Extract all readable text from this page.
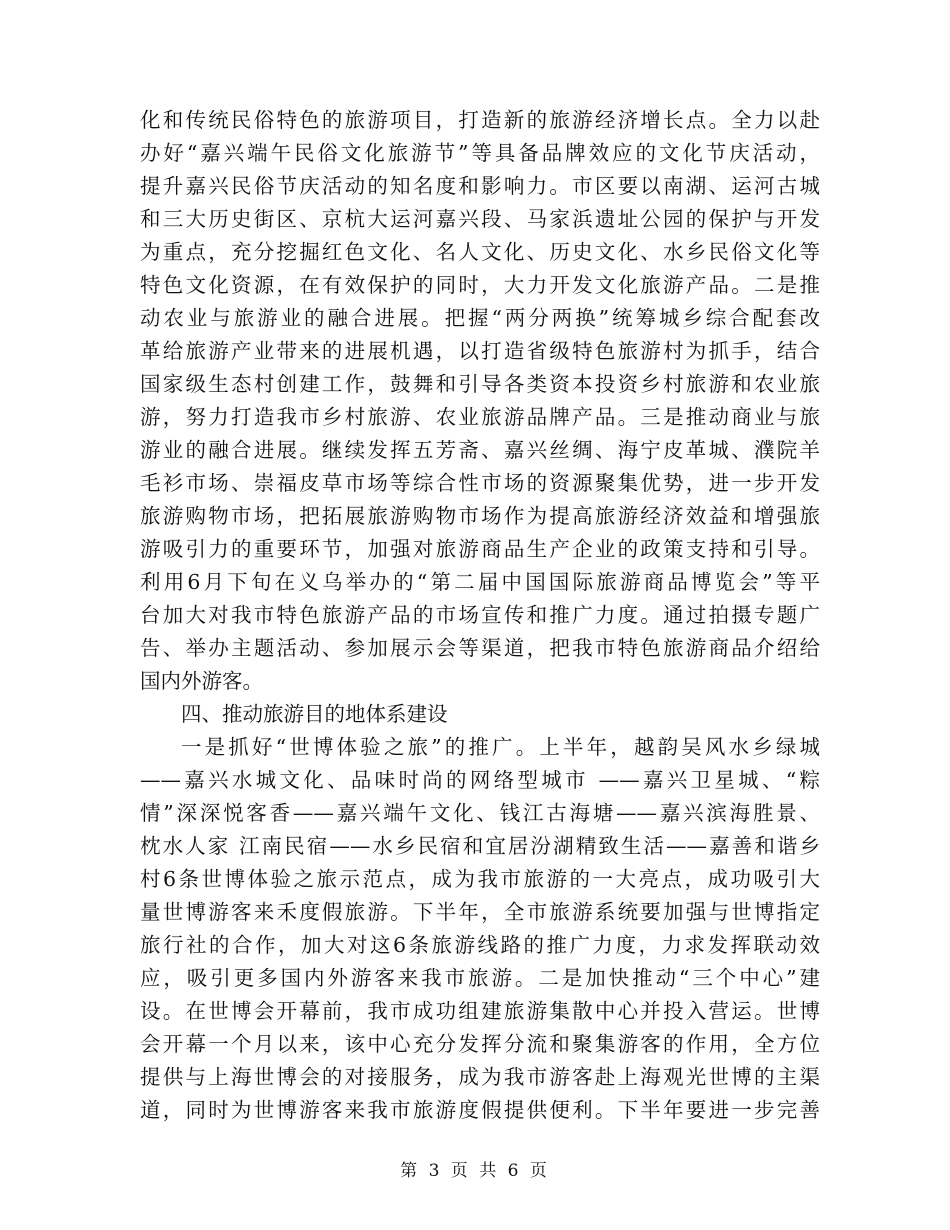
化和传统民俗特色的旅游项目，打造新的旅游经济增长点。全力以赴
办好“嘉兴端午民俗文化旅游节”等具备品牌效应的文化节庆活动，
提升嘉兴民俗节庆活动的知名度和影响力。市区要以南湖、运河古城
和三大历史街区、京杭大运河嘉兴段、马家浜遗址公园的保护与开发
为重点，充分挖掘红色文化、名人文化、历史文化、水乡民俗文化等
特色文化资源，在有效保护的同时，大力开发文化旅游产品。二是推
动农业与旅游业的融合进展。把握“两分两换”统筹城乡综合配套改
革给旅游产业带来的进展机遇，以打造省级特色旅游村为抓手，结合
国家级生态村创建工作，鼓舞和引导各类资本投资乡村旅游和农业旅
游，努力打造我市乡村旅游、农业旅游品牌产品。三是推动商业与旅
游业的融合进展。继续发挥五芳斋、嘉兴丝绸、海宁皮革城、濮院羊
毛衫市场、崇福皮草市场等综合性市场的资源聚集优势，进一步开发
旅游购物市场，把拓展旅游购物市场作为提高旅游经济效益和增强旅
游吸引力的重要环节，加强对旅游商品生产企业的政策支持和引导。
利用6月下旬在义乌举办的“第二届中国国际旅游商品博览会”等平
台加大对我市特色旅游产品的市场宣传和推广力度。通过拍摄专题广
告、举办主题活动、参加展示会等渠道，把我市特色旅游商品介绍给
国内外游客。
四、推动旅游目的地体系建设
一是抓好“世博体验之旅”的推广。上半年，越韵吴风水乡绿城
——嘉兴水城文化、品味时尚的网络型城市 ——嘉兴卫星城、“粽
情”深深悦客香——嘉兴端午文化、钱江古海塘——嘉兴滨海胜景、
枕水人家 江南民宿——水乡民宿和宜居汾湖精致生活——嘉善和谐乡
村6条世博体验之旅示范点，成为我市旅游的一大亮点，成功吸引大
量世博游客来禾度假旅游。下半年，全市旅游系统要加强与世博指定
旅行社的合作，加大对这6条旅游线路的推广力度，力求发挥联动效
应，吸引更多国内外游客来我市旅游。二是加快推动“三个中心”建
设。在世博会开幕前，我市成功组建旅游集散中心并投入营运。世博
会开幕一个月以来，该中心充分发挥分流和聚集游客的作用，全方位
提供与上海世博会的对接服务，成为我市游客赴上海观光世博的主渠
道，同时为世博游客来我市旅游度假提供便利。下半年要进一步完善
第 3 页 共 6 页
